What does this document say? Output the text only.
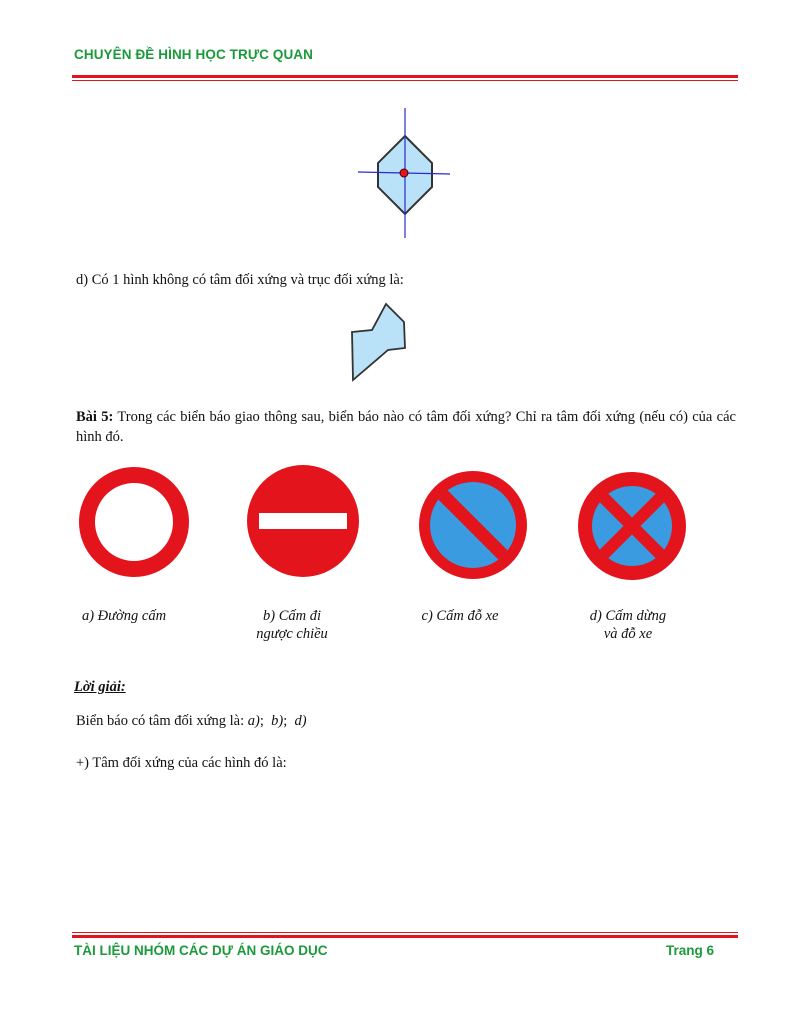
CHUYÊN ĐỀ HÌNH HỌC TRỰC QUAN
d) Có 1 hình không có tâm đối xứng và trục đối xứng là:
Bài 5: Trong các biển báo giao thông sau, biển báo nào có tâm đối xứng? Chỉ ra tâm đối xứng (nếu có) của các hình đó.
a) Đường cấm	b) Cấm đi
ngược chiều
c) Cấm đỗ xe	d) Cấm dừng
và đỗ xe
Lời giải:
Biển báo có tâm đối xứng là: a);  b);  d)
+) Tâm đối xứng của các hình đó là:
TÀI LIỆU NHÓM CÁC DỰ ÁN GIÁO DỤC	Trang 6
